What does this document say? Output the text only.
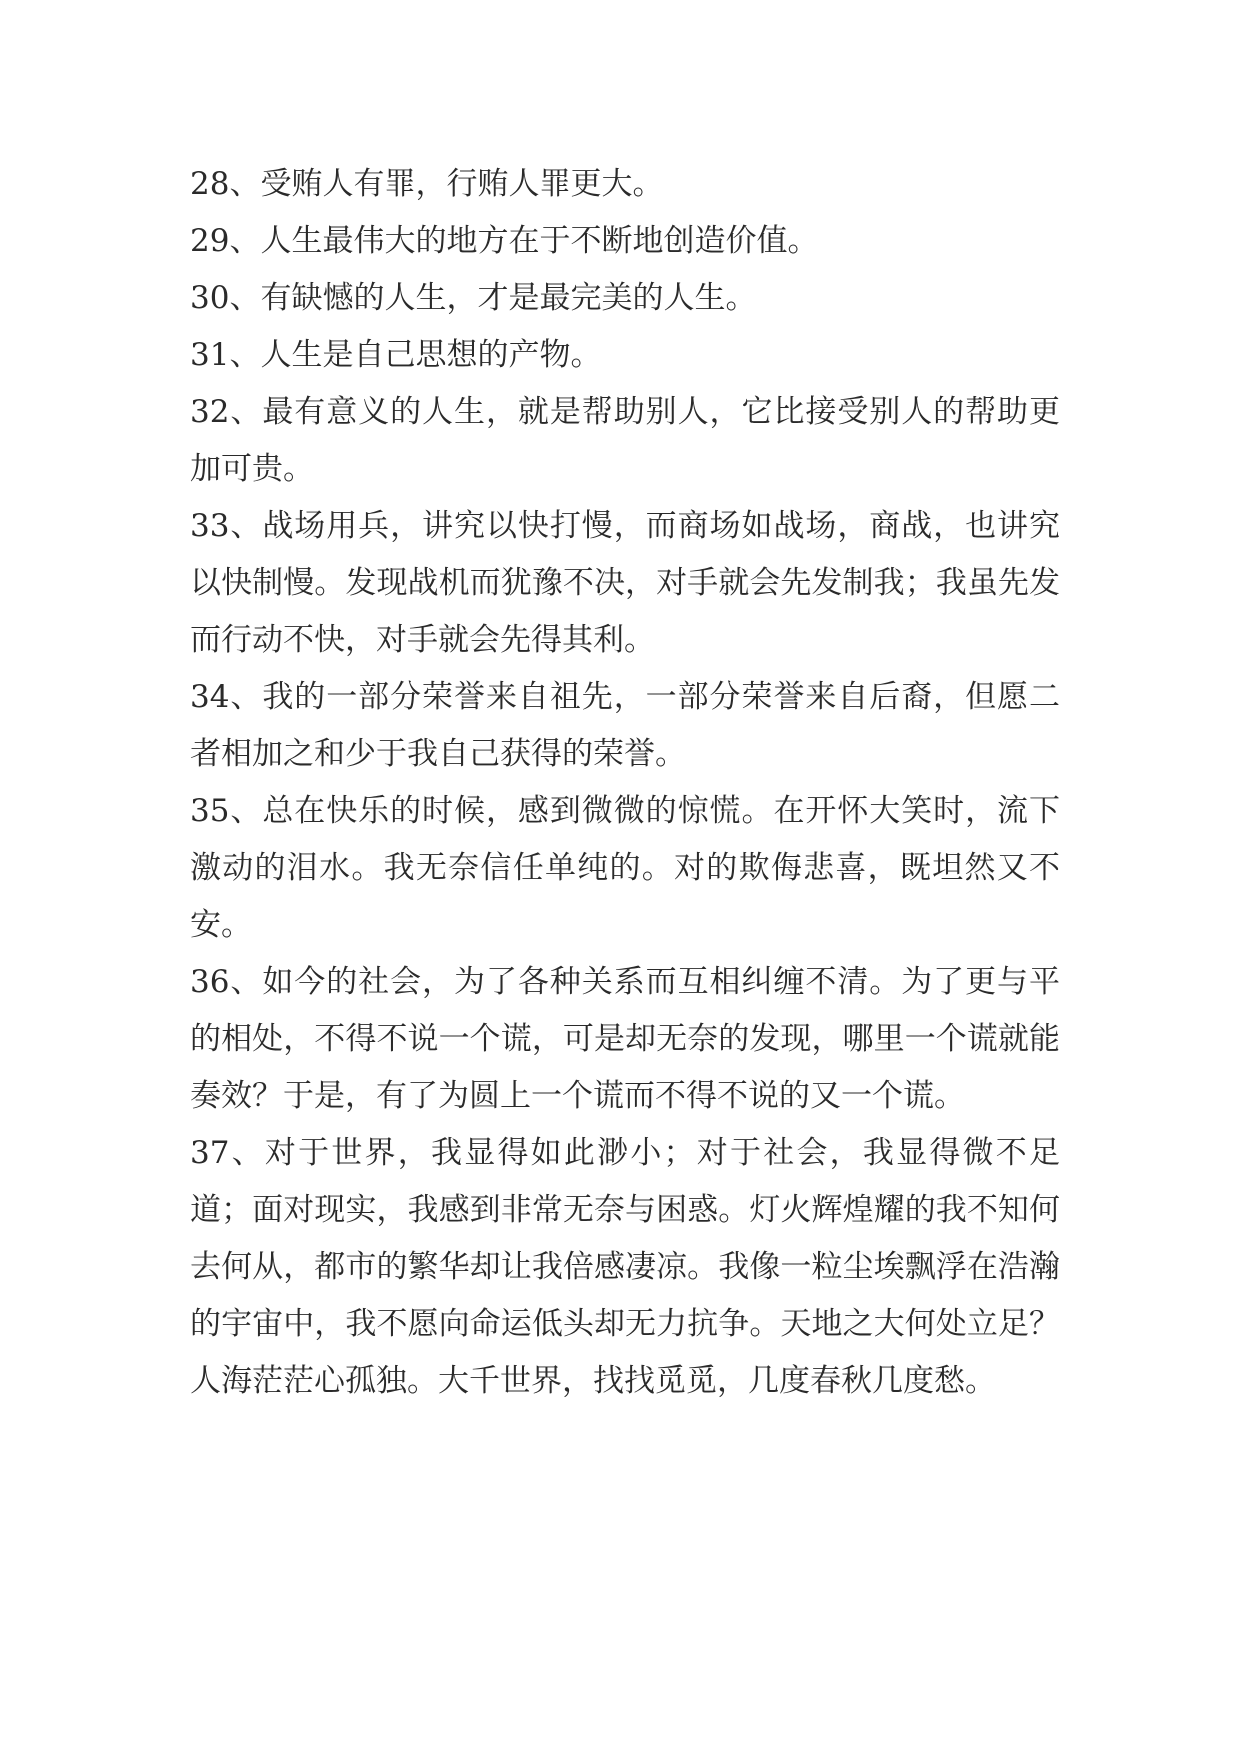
28、受贿人有罪，行贿人罪更大。

29、人生最伟大的地方在于不断地创造价值。

30、有缺憾的人生，才是最完美的人生。

31、人生是自己思想的产物。

32、最有意义的人生，就是帮助别人，它比接受别人的帮助更加可贵。

33、战场用兵，讲究以快打慢，而商场如战场，商战，也讲究以快制慢。发现战机而犹豫不决，对手就会先发制我；我虽先发而行动不快，对手就会先得其利。

34、我的一部分荣誉来自祖先，一部分荣誉来自后裔，但愿二者相加之和少于我自己获得的荣誉。

35、总在快乐的时候，感到微微的惊慌。在开怀大笑时，流下激动的泪水。我无奈信任单纯的。对的欺侮悲喜，既坦然又不安。

36、如今的社会，为了各种关系而互相纠缠不清。为了更与平的相处，不得不说一个谎，可是却无奈的发现，哪里一个谎就能奏效？于是，有了为圆上一个谎而不得不说的又一个谎。

37、对于世界，我显得如此渺小；对于社会，我显得微不足道；面对现实，我感到非常无奈与困惑。灯火辉煌耀的我不知何去何从，都市的繁华却让我倍感凄凉。我像一粒尘埃飘浮在浩瀚的宇宙中，我不愿向命运低头却无力抗争。天地之大何处立足？人海茫茫心孤独。大千世界，找找觅觅，几度春秋几度愁。
